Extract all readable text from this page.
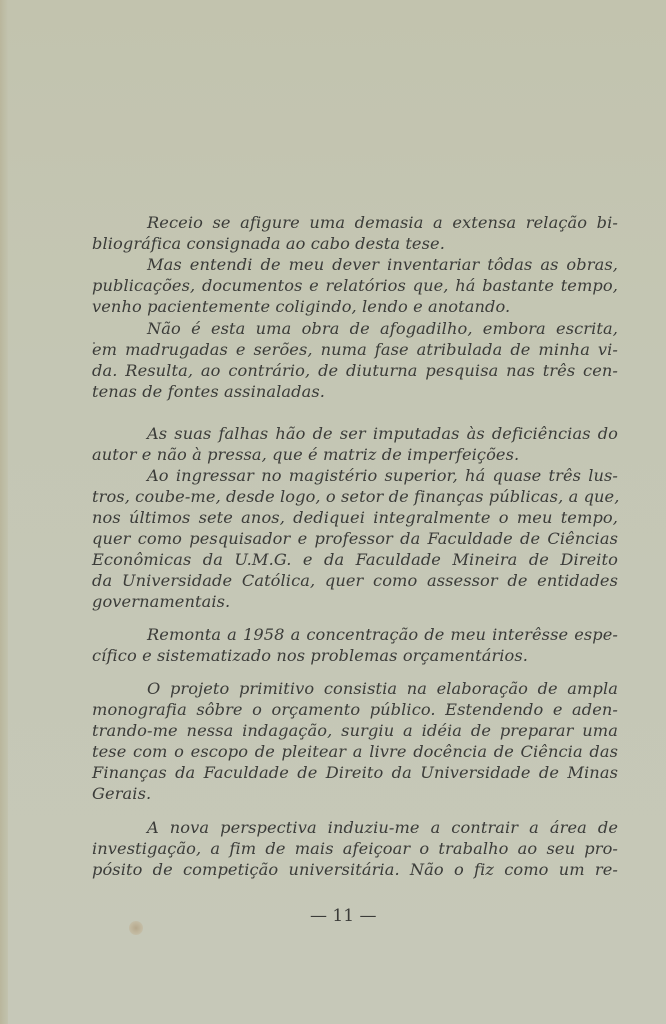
Receio se afigure uma demasia a extensa relação bi-
bliográfica consignada ao cabo desta tese.
Mas entendi de meu dever inventariar tôdas as obras,
publicações, documentos e relatórios que, há bastante tempo,
venho pacientemente coligindo, lendo e anotando.
Não é esta uma obra de afogadilho, embora escrita,
em madrugadas e serões, numa fase atribulada de minha vi-
da. Resulta, ao contrário, de diuturna pesquisa nas três cen-
tenas de fontes assinaladas.
As suas falhas hão de ser imputadas às deficiências do
autor e não à pressa, que é matriz de imperfeições.
Ao ingressar no magistério superior, há quase três lus-
tros, coube-me, desde logo, o setor de finanças públicas, a que,
nos últimos sete anos, dediquei integralmente o meu tempo,
quer como pesquisador e professor da Faculdade de Ciências
Econômicas da U.M.G. e da Faculdade Mineira de Direito
da Universidade Católica, quer como assessor de entidades
governamentais.
Remonta a 1958 a concentração de meu interêsse espe-
cífico e sistematizado nos problemas orçamentários.
O projeto primitivo consistia na elaboração de ampla
monografia sôbre o orçamento público. Estendendo e aden-
trando-me nessa indagação, surgiu a idéia de preparar uma
tese com o escopo de pleitear a livre docência de Ciência das
Finanças da Faculdade de Direito da Universidade de Minas
Gerais.
A nova perspectiva induziu-me a contrair a área de
investigação, a fim de mais afeiçoar o trabalho ao seu pro-
pósito de competição universitária. Não o fiz como um re-
— 11 —
